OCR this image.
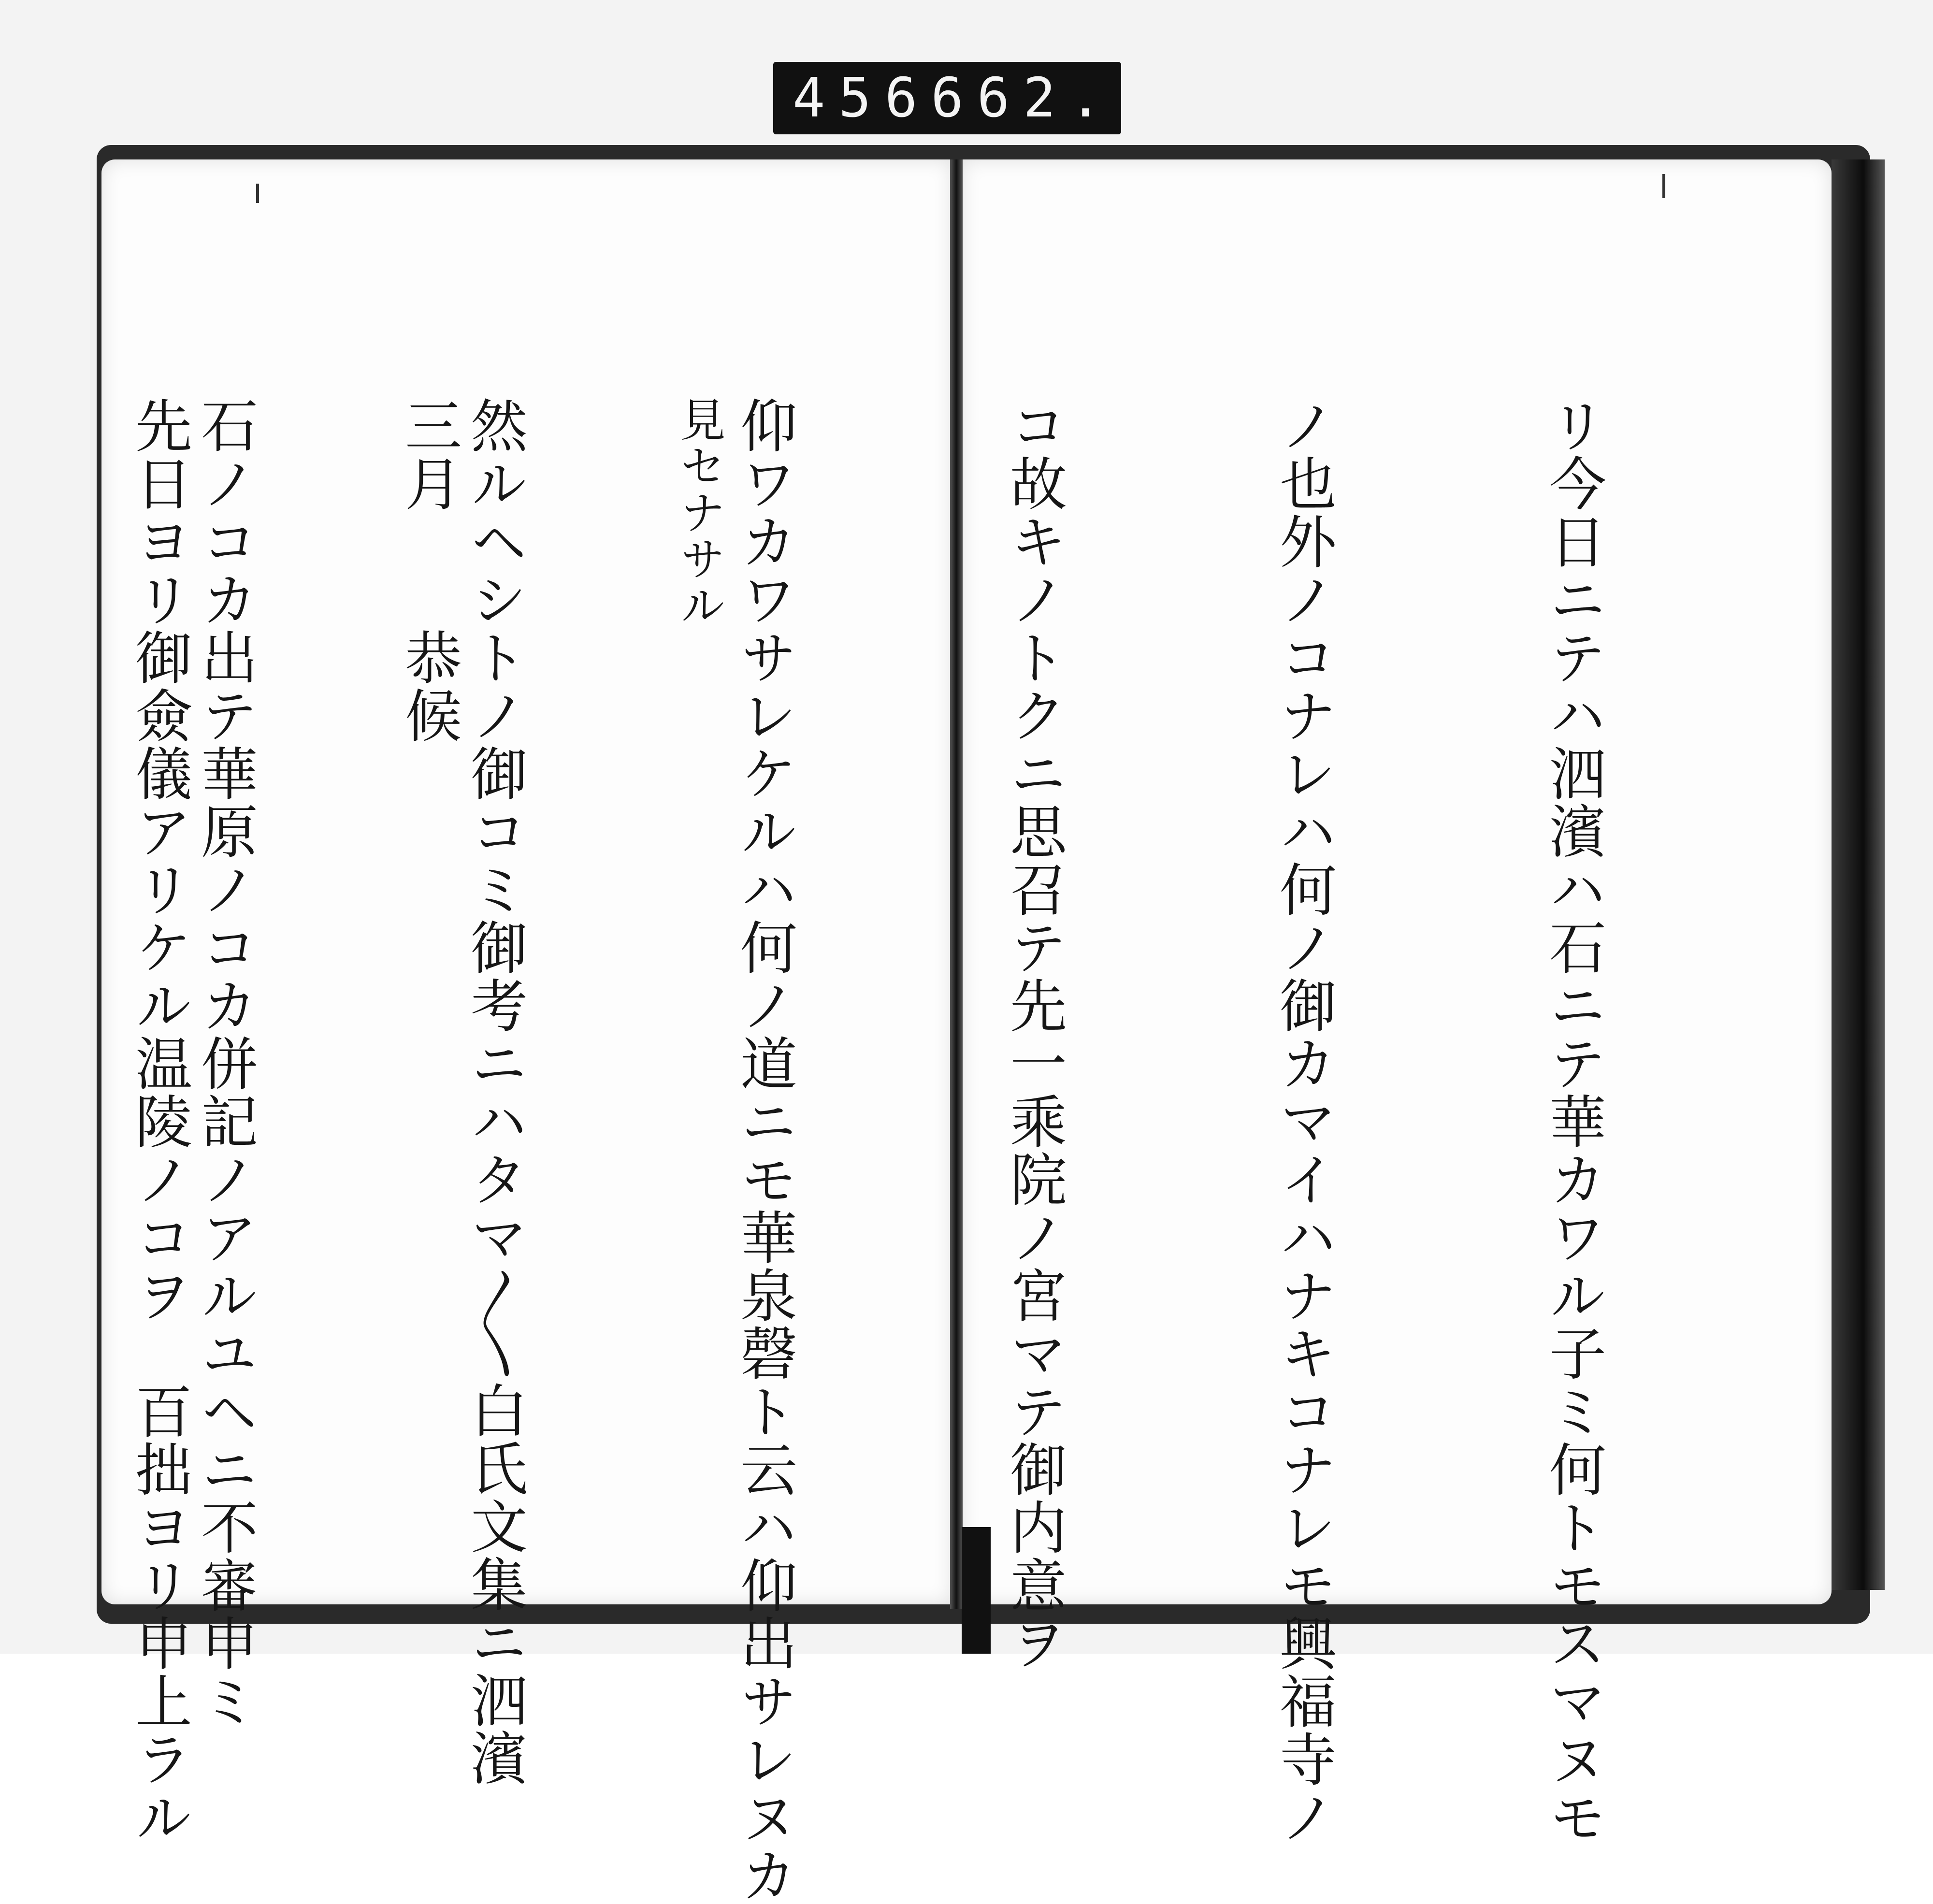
456 662.

リ今日ニテハ泗濱ハ石ニテ華カワル子ミ何トモスマヌモ

ノ也外ノコナレハ何ノ御カマイハナキコナレモ興福寺ノ

コ故キノトクニ思召テ先一乘院ノ宮マテ御内意ヲ

仰ワカワサレケルハ何ノ道ニモ華泉磬ト云ハ仰出サレヌカ

然ルヘシトノ御コミ御考ニハタマ〳〵白氏文集ニ泗濱

石ノコカ出テ華原ノコカ併記ノアルユヘニ不審申ミ

	見セナサル

三月　　恭候

先日ヨリ御僉儀アリケル温陵ノコヲ　百拙ヨリ申上ラル
